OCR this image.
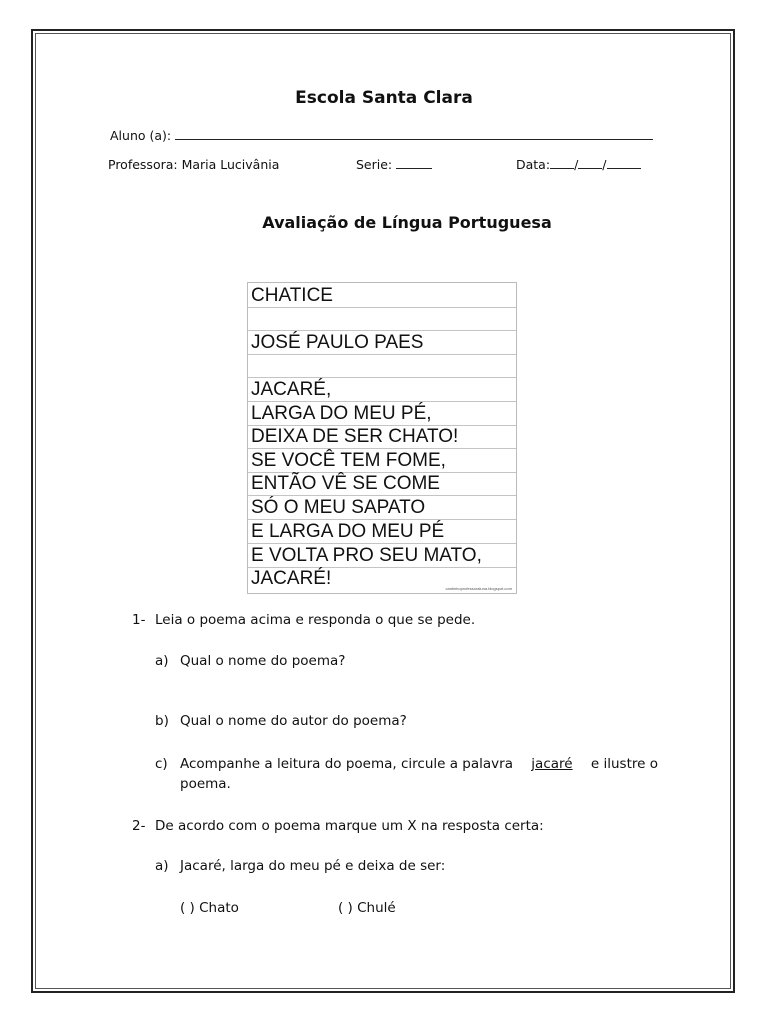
Escola Santa Clara
Aluno (a):
Professora: Maria Lucivânia	Serie:	Data: / /
Avaliação de Língua Portuguesa
CHATICE
JOSÉ PAULO PAES
JACARÉ,
LARGA DO MEU PÉ,
DEIXA DE SER CHATO!
SE VOCÊ TEM FOME,
ENTÃO VÊ SE COME
SÓ O MEU SAPATO
E LARGA DO MEU PÉ
E VOLTA PRO SEU MATO,
JACARÉ!	cantinhoprofessoraluna.blogspot.com
1- Leia o poema acima e responda o que se pede.
a) Qual o nome do poema?
b) Qual o nome do autor do poema?
c) Acompanhe a leitura do poema, circule a palavra jacaré e ilustre o
poema.
2- De acordo com o poema marque um X na resposta certa:
a) Jacaré, larga do meu pé e deixa de ser:
( ) Chato	( ) Chulé
